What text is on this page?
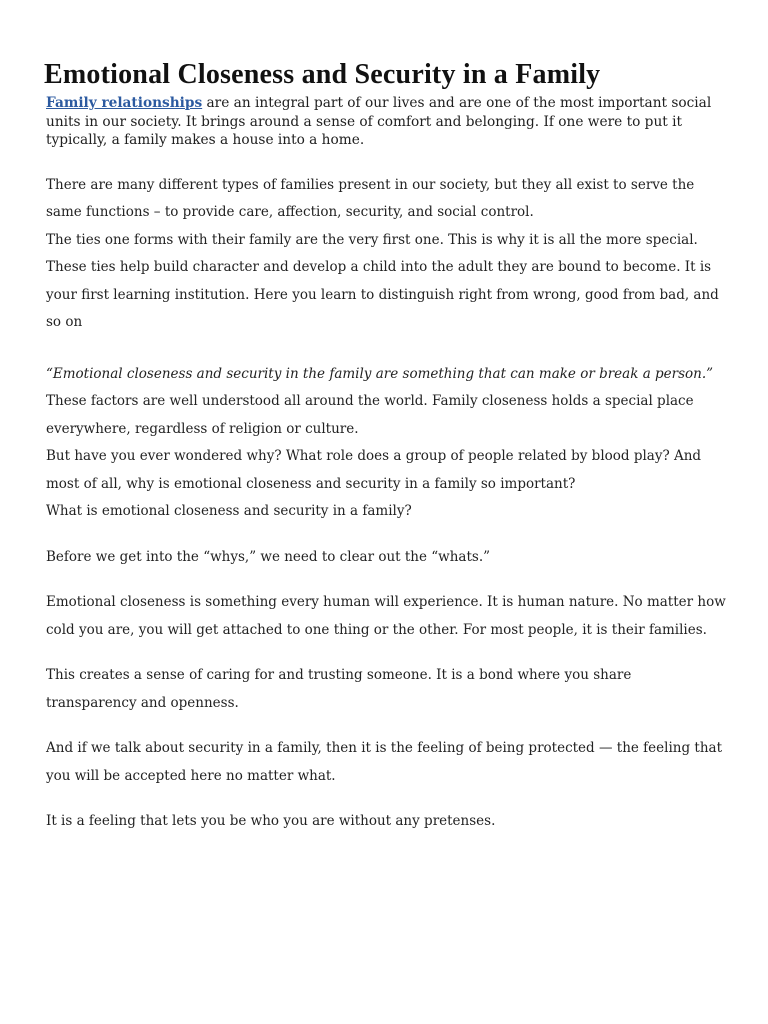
Emotional Closeness and Security in a Family

Family relationships are an integral part of our lives and are one of the most important social units in our society. It brings around a sense of comfort and belonging. If one were to put it typically, a family makes a house into a home.

There are many different types of families present in our society, but they all exist to serve the same functions – to provide care, affection, security, and social control.

The ties one forms with their family are the very first one. This is why it is all the more special. These ties help build character and develop a child into the adult they are bound to become. It is your first learning institution. Here you learn to distinguish right from wrong, good from bad, and so on

“Emotional closeness and security in the family are something that can make or break a person.”

These factors are well understood all around the world. Family closeness holds a special place everywhere, regardless of religion or culture.

But have you ever wondered why? What role does a group of people related by blood play? And most of all, why is emotional closeness and security in a family so important?

What is emotional closeness and security in a family?

Before we get into the “whys,” we need to clear out the “whats.”

Emotional closeness is something every human will experience. It is human nature. No matter how cold you are, you will get attached to one thing or the other. For most people, it is their families.

This creates a sense of caring for and trusting someone. It is a bond where you share transparency and openness.

And if we talk about security in a family, then it is the feeling of being protected — the feeling that you will be accepted here no matter what.

It is a feeling that lets you be who you are without any pretenses.
